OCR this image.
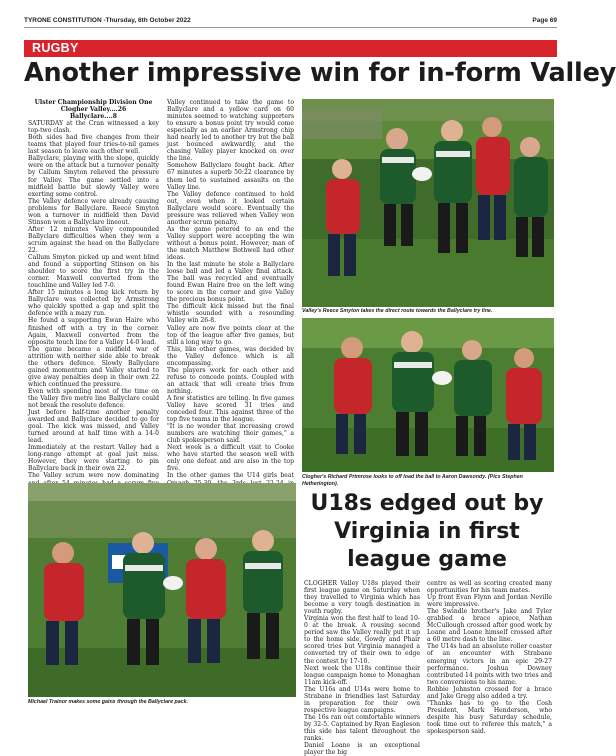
TYRONE CONSTITUTION -Thursday, 6th October 2022	Page 69
RUGBY
Another impressive win for in-form Valley

Ulster Championship Division One

Clogher Valley....26

Ballyclare....8

SATURDAY at the Cran witnessed a key top-two clash.

Both sides had five changes from their teams that played four tries-to-nil games last season to leave each other well.

Ballyclare, playing with the slope, quickly were on the attack but a turnover penalty by Callum Smyton relieved the pressure for Valley. The game settled into a midfield battle but slowly Valley were exerting some control.

The Valley defence were already causing problems for Ballyclare. Reece Smyton won a turnover in midfield then David Stinson won a Ballyclare lineout.

After 12 minutes Valley compounded Ballyclare difficulties when they won a scrum against the head on the Ballyclare 22.

Callum Smyton picked up and went blind and found a supporting Stinson on his shoulder to score the first try in the corner. Maxwell converted from the touchline and Valley led 7-0.

After 15 minutes a long kick return by Ballyclare was collected by Armstrong who quickly spotted a gap and split the defence with a mazy run.

He found a supporting Ewan Haire who finished off with a try in the corner. Again, Maxwell converted from the opposite touch line for a Valley 14-0 lead.

The game became a midfield war of attrition with neither side able to break the others defence. Slowly Ballyclare gained momentum and Valley started to give away penalties deep in their own 22 which continued the pressure.

Even with spending most of the time on the Valley five metre line Ballyclare could not break the resolute defence.

Just before half-time another penalty awarded and Ballyclare decided to go for goal. The kick was missed, and Valley turned around at half time with a 14-0 lead.

Immediately at the restart Valley had a long-range attempt at goal just miss. However, they were starting to pin Ballyclare back in their own 22.

The Valley scrum were now dominating

Valley continued to take the game to Ballyclare and a yellow card on 60 minutes seemed to watching supporters to ensure a bonus point try would come especially as an earlier Armstrong chip had nearly led to another try but the ball just bounced awkwardly, and the chasing Valley player knocked on over the line.

Somehow Ballyclare fought back. After 67 minutes a superb 50:22 clearance by them led to sustained assaults on the Valley line.

The Valley defence continued to hold out, even when it looked certain Ballyclare would score. Eventually the pressure was relieved when Valley won another scrum penalty.

As the game petered to an end the Valley support were accepting the win without a bonus point. However, man of the match Matthew Bothwell had other ideas.

In the last minute he stole a Ballyclare loose ball and led a Valley final attack. The ball was recycled and eventually found Ewan Haire free on the left wing to score in the corner and give Valley the precious bonus point.

The difficult kick missed but the final whistle sounded with a resounding Valley win 26-8.

Valley are now five points clear at the top of the league after five games, but still a long way to go.

This, like other games, was decided by the Valley defence which is all encompassing.

The players work for each other and refuse to concede points. Coupled with an attack that will create tries from nothing.

A few statistics are telling. In five games Valley have scored 31 tries and conceded four. This against three of the top five teams in the league.

"It is no wonder that increasing crowd numbers are watching their games," a club spokesperson said.

Next week is a difficult visit to Cooke who have started the season well with only one defeat and are also in the top five.

In the other games the U14 girls beat

Valley's Reece Smyton takes the direct route towards the Ballyclare try line.
Clogher's Richard Primrose looks to off load the ball to Aaron Dawsondy. (Pics Stephen Hetherington).
Michael Trainor makes some gains through the Ballyclare pack.
U18s edged out by Virginia in first league game

CLOGHER Valley U18s played their first league game on Saturday when they travelled to Virginia which has become a very tough destination in youth rugby.

Virginia won the first half to lead 10-0 at the break. A rousing second period saw the Valley really put it up to the home side, Gowdy and Phair scored tries but Virginia managed a converted try of their own to edge the contest by 17-10.

Next week the U18s continue their league campaign home to Monaghan 11am kick-off.

The U16s and U14s were home to Strabane in friendlies last Saturday in preparation for their own respective league campaigns.

The 16s ran out comfortable winners by 32-5. Captained by Ryan Eagleson this side has talent throughout the ranks.

Daniel Loane is an exceptional player the big

centre as well as scoring created many opportunities for his team mates.

Up front Evan Flynn and Jordan Neville were impressive.

The Swindle brother's Jake and Tyler grabbed a brace apiece, Nathan McCullough crossed after good work by Loane and Loane himself crossed after a 60 metre dash to the line.

The U14s had an absolute roller coaster of an encounter with Strabane emerging victors in an epic 29-27 performance. Joshua Downey contributed 14 points with two tries and two conversions to his name.

Robbie Johnston crossed for a brace and Jake Gregg also added a try.

"Thanks has to go to the Cosh President, Mark Henderson, who despite his busy Saturday schedule, took time out to referee this match," a spokesperson said.
